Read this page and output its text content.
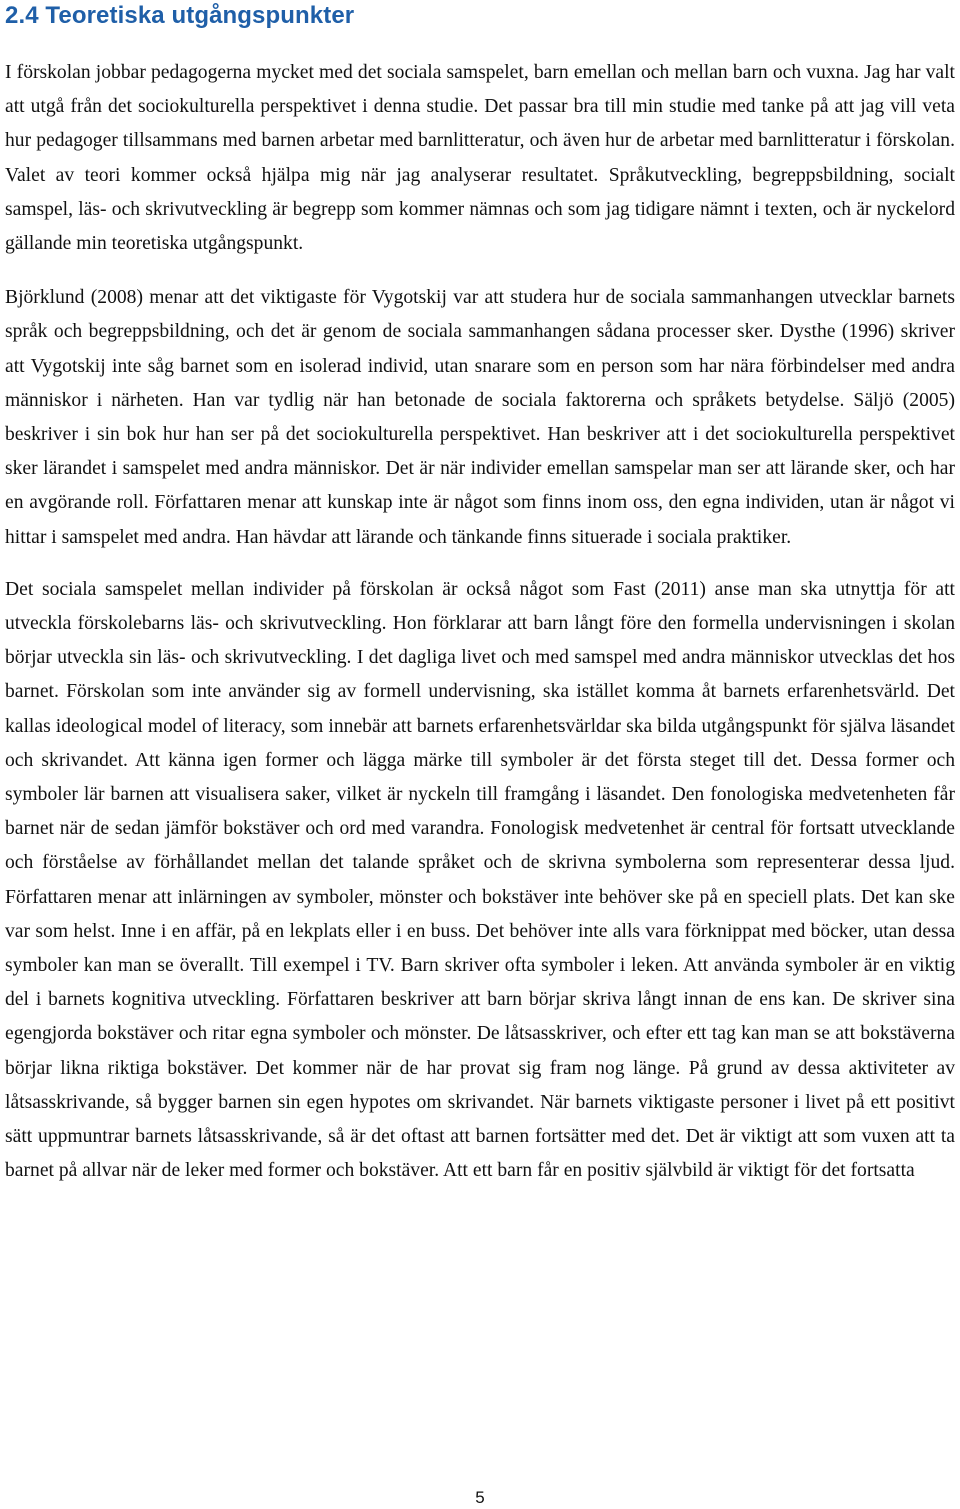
2.4 Teoretiska utgångspunkter

I förskolan jobbar pedagogerna mycket med det sociala samspelet, barn emellan och mellan barn och vuxna. Jag har valt att utgå från det sociokulturella perspektivet i denna studie. Det passar bra till min studie med tanke på att jag vill veta hur pedagoger tillsammans med barnen arbetar med barnlitteratur, och även hur de arbetar med barnlitteratur i förskolan. Valet av teori kommer också hjälpa mig när jag analyserar resultatet. Språkutveckling, begreppsbildning, socialt samspel, läs- och skrivutveckling är begrepp som kommer nämnas och som jag tidigare nämnt i texten, och är nyckelord gällande min teoretiska utgångspunkt.

Björklund (2008) menar att det viktigaste för Vygotskij var att studera hur de sociala sammanhangen utvecklar barnets språk och begreppsbildning, och det är genom de sociala sammanhangen sådana processer sker. Dysthe (1996) skriver att Vygotskij inte såg barnet som en isolerad individ, utan snarare som en person som har nära förbindelser med andra människor i närheten. Han var tydlig när han betonade de sociala faktorerna och språkets betydelse. Säljö (2005) beskriver i sin bok hur han ser på det sociokulturella perspektivet. Han beskriver att i det sociokulturella perspektivet sker lärandet i samspelet med andra människor. Det är när individer emellan samspelar man ser att lärande sker, och har en avgörande roll. Författaren menar att kunskap inte är något som finns inom oss, den egna individen, utan är något vi hittar i samspelet med andra. Han hävdar att lärande och tänkande finns situerade i sociala praktiker.

Det sociala samspelet mellan individer på förskolan är också något som Fast (2011) anse man ska utnyttja för att utveckla förskolebarns läs- och skrivutveckling. Hon förklarar att barn långt före den formella undervisningen i skolan börjar utveckla sin läs- och skrivutveckling. I det dagliga livet och med samspel med andra människor utvecklas det hos barnet. Förskolan som inte använder sig av formell undervisning, ska istället komma åt barnets erfarenhetsvärld. Det kallas ideological model of literacy, som innebär att barnets erfarenhetsvärldar ska bilda utgångspunkt för själva läsandet och skrivandet. Att känna igen former och lägga märke till symboler är det första steget till det. Dessa former och symboler lär barnen att visualisera saker, vilket är nyckeln till framgång i läsandet. Den fonologiska medvetenheten får barnet när de sedan jämför bokstäver och ord med varandra. Fonologisk medvetenhet är central för fortsatt utvecklande och förståelse av förhållandet mellan det talande språket och de skrivna symbolerna som representerar dessa ljud. Författaren menar att inlärningen av symboler, mönster och bokstäver inte behöver ske på en speciell plats. Det kan ske var som helst. Inne i en affär, på en lekplats eller i en buss. Det behöver inte alls vara förknippat med böcker, utan dessa symboler kan man se överallt. Till exempel i TV. Barn skriver ofta symboler i leken. Att använda symboler är en viktig del i barnets kognitiva utveckling. Författaren beskriver att barn börjar skriva långt innan de ens kan. De skriver sina egengjorda bokstäver och ritar egna symboler och mönster. De låtsasskriver, och efter ett tag kan man se att bokstäverna börjar likna riktiga bokstäver. Det kommer när de har provat sig fram nog länge. På grund av dessa aktiviteter av låtsasskrivande, så bygger barnen sin egen hypotes om skrivandet. När barnets viktigaste personer i livet på ett positivt sätt uppmuntrar barnets låtsasskrivande, så är det oftast att barnen fortsätter med det. Det är viktigt att som vuxen att ta barnet på allvar när de leker med former och bokstäver. Att ett barn får en positiv självbild är viktigt för det fortsatta

5
